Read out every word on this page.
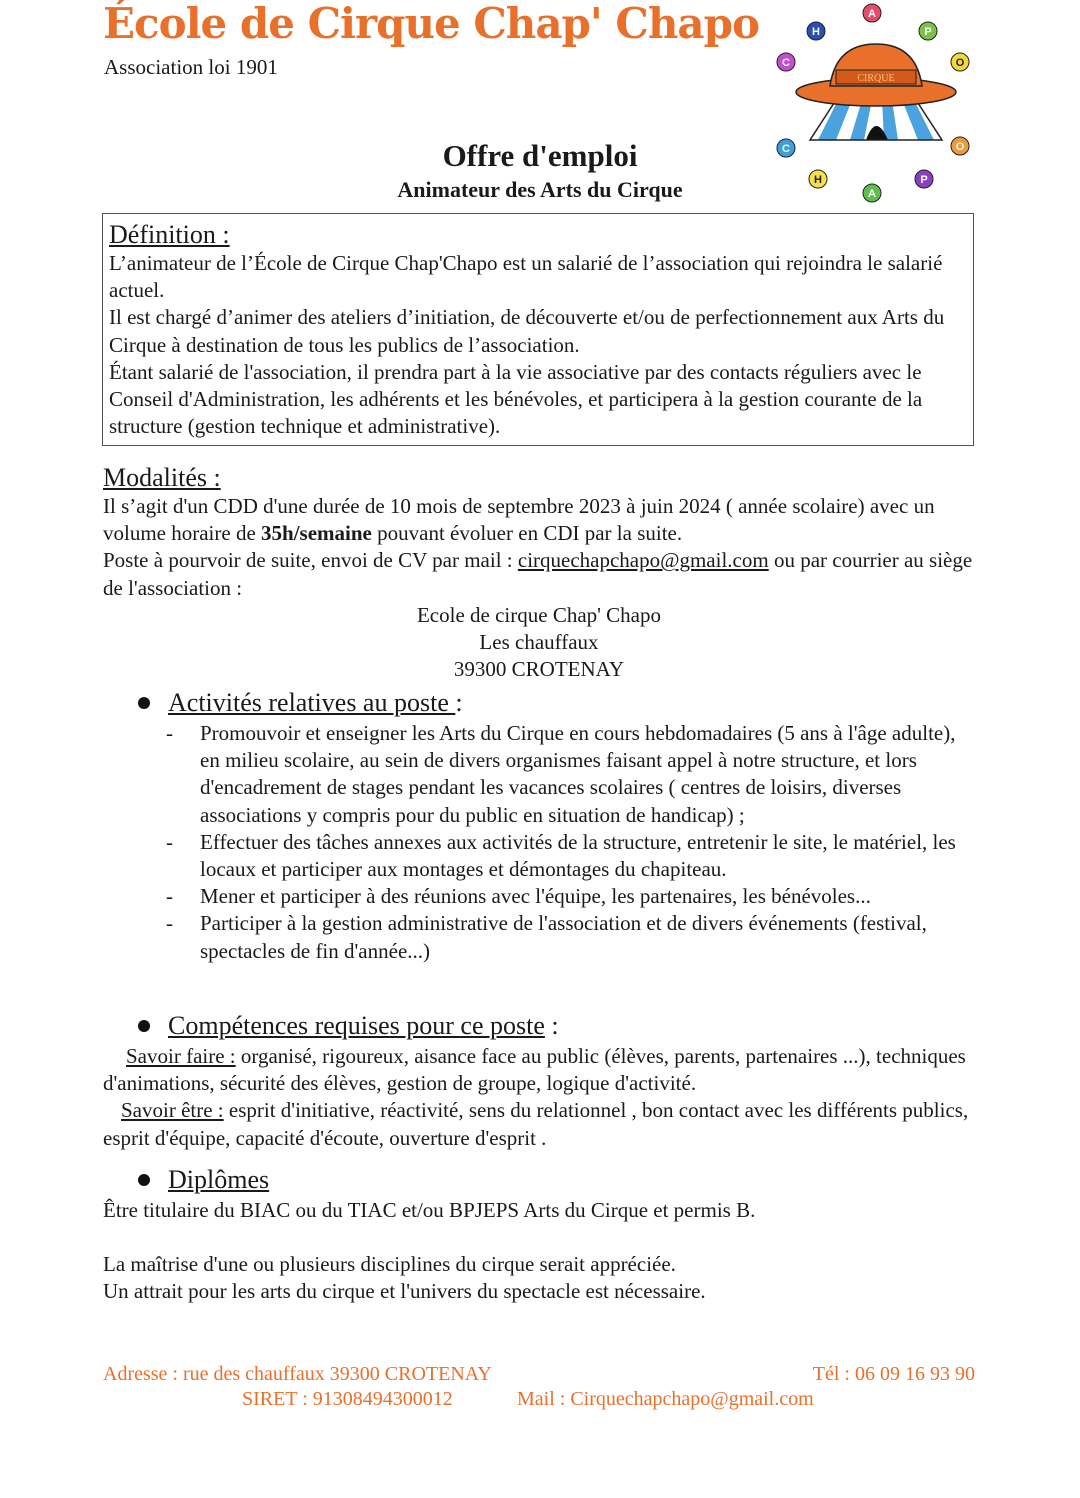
École de Cirque Chap' Chapo
Association loi 1901	CIRQUE
A
H	P
C	O
C	O
H
A
P
Offre d'emploi
Animateur des Arts du Cirque
Définition :

L’animateur de l’École de Cirque Chap'Chapo est un salarié de l’association qui rejoindra le salarié actuel.

Il est chargé d’animer des ateliers d’initiation, de découverte et/ou de perfectionnement aux Arts du Cirque à destination de tous les publics de l’association.

Étant salarié de l'association, il prendra part à la vie associative par des contacts réguliers avec le Conseil d'Administration, les adhérents et les bénévoles, et participera à la gestion courante de la structure (gestion technique et administrative).

Modalités :

Il s’agit d'un CDD d'une durée de 10 mois de septembre 2023 à juin 2024 ( année scolaire) avec un volume horaire de 35h/semaine pouvant évoluer en CDI par la suite.

Poste à pourvoir de suite, envoi de CV par mail : cirquechapchapo@gmail.com ou par courrier au siège de l'association :

Ecole de cirque Chap' Chapo

Les chauffaux

39300 CROTENAY

Activités relatives au poste :
- Promouvoir et enseigner les Arts du Cirque en cours hebdomadaires (5 ans à l'âge adulte), en milieu scolaire, au sein de divers organismes faisant appel à notre structure, et lors d'encadrement de stages pendant les vacances scolaires ( centres de loisirs, diverses associations y compris pour du public en situation de handicap) ;
- Effectuer des tâches annexes aux activités de la structure, entretenir le site, le matériel, les locaux et participer aux montages et démontages du chapiteau.
- Mener et participer à des réunions avec l'équipe, les partenaires, les bénévoles...
- Participer à la gestion administrative de l'association et de divers événements (festival, spectacles de fin d'année...)
Compétences requises pour ce poste :

Savoir faire : organisé, rigoureux, aisance face au public (élèves, parents, partenaires ...), techniques d'animations, sécurité des élèves, gestion de groupe, logique d'activité.

Savoir être : esprit d'initiative, réactivité, sens du relationnel , bon contact avec les différents publics, esprit d'équipe, capacité d'écoute, ouverture d'esprit .

Diplômes

Être titulaire du BIAC ou du TIAC et/ou BPJEPS Arts du Cirque et permis B.

La maîtrise d'une ou plusieurs disciplines du cirque serait appréciée.

Un attrait pour les arts du cirque et l'univers du spectacle est nécessaire.

Adresse : rue des chauffaux 39300 CROTENAY	Tél : 06 09 16 93 90
SIRET : 91308494300012	Mail : Cirquechapchapo@gmail.com
